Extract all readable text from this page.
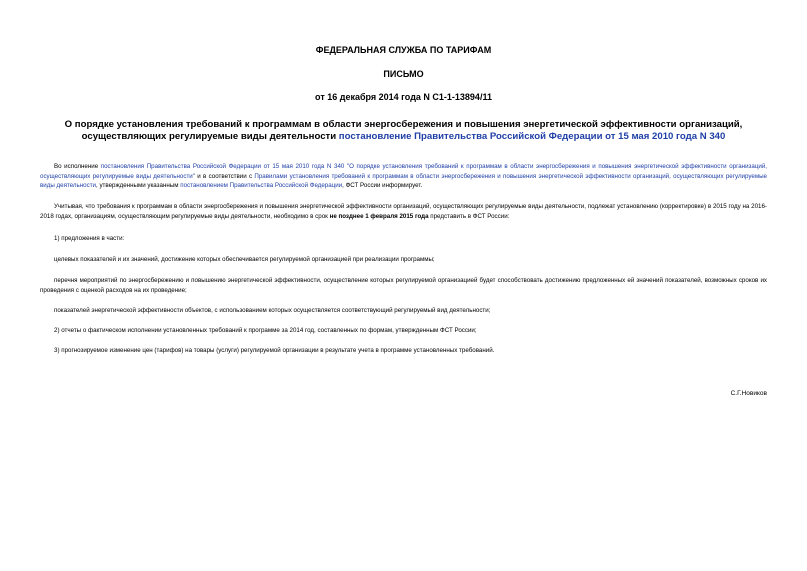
ФЕДЕРАЛЬНАЯ СЛУЖБА ПО ТАРИФАМ

ПИСЬМО

от 16 декабря 2014 года N С1-1-13894/11

О порядке установления требований к программам в области энергосбережения и повышения энергетической эффективности организаций, осуществляющих регулируемые виды деятельности постановление Правительства Российской Федерации от 15 мая 2010 года N 340

Во исполнение постановления Правительства Российской Федерации от 15 мая 2010 года N 340 "О порядке установления требований к программам в области энергосбережения и повышения энергетической эффективности организаций, осуществляющих регулируемые виды деятельности" и в соответствии с Правилами установления требований к программам в области энергосбережения и повышения энергетической эффективности организаций, осуществляющих регулируемые виды деятельности, утвержденными указанным постановлением Правительства Российской Федерации, ФСТ России информирует.

Учитывая, что требования к программам в области энергосбережения и повышения энергетической эффективности организаций, осуществляющих регулируемые виды деятельности, подлежат установлению (корректировке) в 2015 году на 2016-2018 годах, организациям, осуществляющим регулируемые виды деятельности, необходимо в срок не позднее 1 февраля 2015 года представить в ФСТ России:

1) предложения в части:

целевых показателей и их значений, достижение которых обеспечивается регулируемой организацией при реализации программы;

перечня мероприятий по энергосбережению и повышению энергетической эффективности, осуществление которых регулируемой организацией будет способствовать достижению предложенных ей значений показателей, возможных сроков их проведения с оценкой расходов на их проведение;

показателей энергетической эффективности объектов, с использованием которых осуществляется соответствующий регулируемый вид деятельности;

2) отчеты о фактическом исполнении установленных требований к программе за 2014 год, составленных по формам, утвержденным ФСТ России;

3) прогнозируемое изменение цен (тарифов) на товары (услуги) регулируемой организации в результате учета в программе установленных требований.

С.Г.Новиков
